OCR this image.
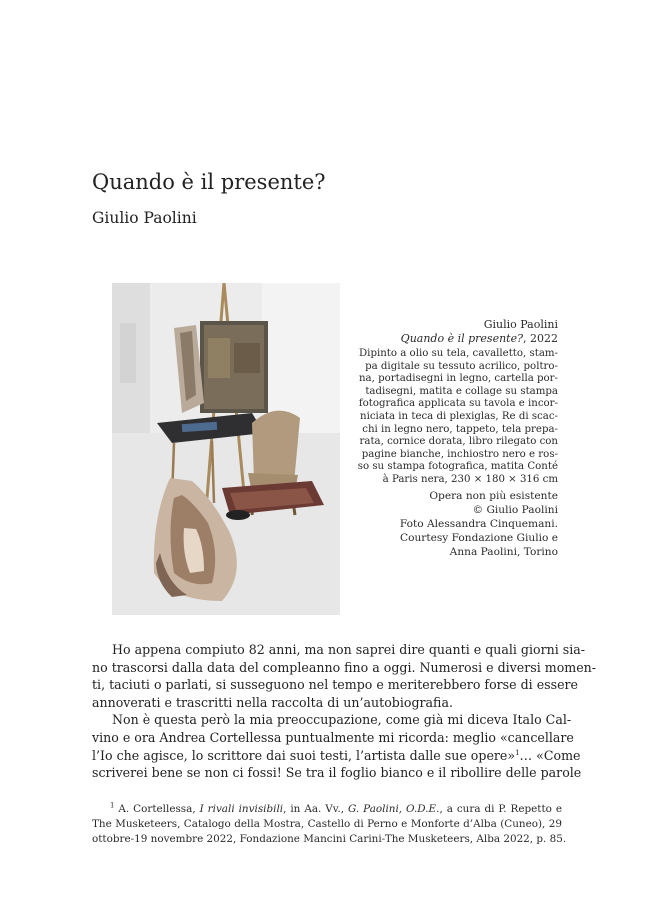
Quando è il presente?

Giulio Paolini

Giulio Paolini
Quando è il presente?, 2022
Dipinto a olio su tela, cavalletto, stam-
pa digitale su tessuto acrilico, poltro-
na, portadisegni in legno, cartella por-
tadisegni, matita e collage su stampa
fotografica applicata su tavola e incor-
niciata in teca di plexiglas, Re di scac-
chi in legno nero, tappeto, tela prepa-
rata, cornice dorata, libro rilegato con
pagine bianche, inchiostro nero e ros-
so su stampa fotografica, matita Conté
à Paris nera, 230 × 180 × 316 cm
Opera non più esistente
© Giulio Paolini
Foto Alessandra Cinquemani.
Courtesy Fondazione Giulio e
Anna Paolini, Torino
Ho appena compiuto 82 anni, ma non saprei dire quanti e quali giorni sia-
no trascorsi dalla data del compleanno fino a oggi. Numerosi e diversi momen-
ti, taciuti o parlati, si susseguono nel tempo e meriterebbero forse di essere
annoverati e trascritti nella raccolta di un’autobiografia.
Non è questa però la mia preoccupazione, come già mi diceva Italo Cal-
vino e ora Andrea Cortellessa puntualmente mi ricorda: meglio «cancellare
l’Io che agisce, lo scrittore dai suoi testi, l’artista dalle sue opere»$^1$… «Come
scriverei bene se non ci fossi! Se tra il foglio bianco e il ribollire delle parole
$^1$ A. Cortellessa, I rivali invisibili, in Aa. Vv., G. Paolini, O.D.E., a cura di P. Repetto e
The Musketeers, Catalogo della Mostra, Castello di Perno e Monforte d’Alba (Cuneo), 29
ottobre-19 novembre 2022, Fondazione Mancini Carini-The Musketeers, Alba 2022, p. 85.
